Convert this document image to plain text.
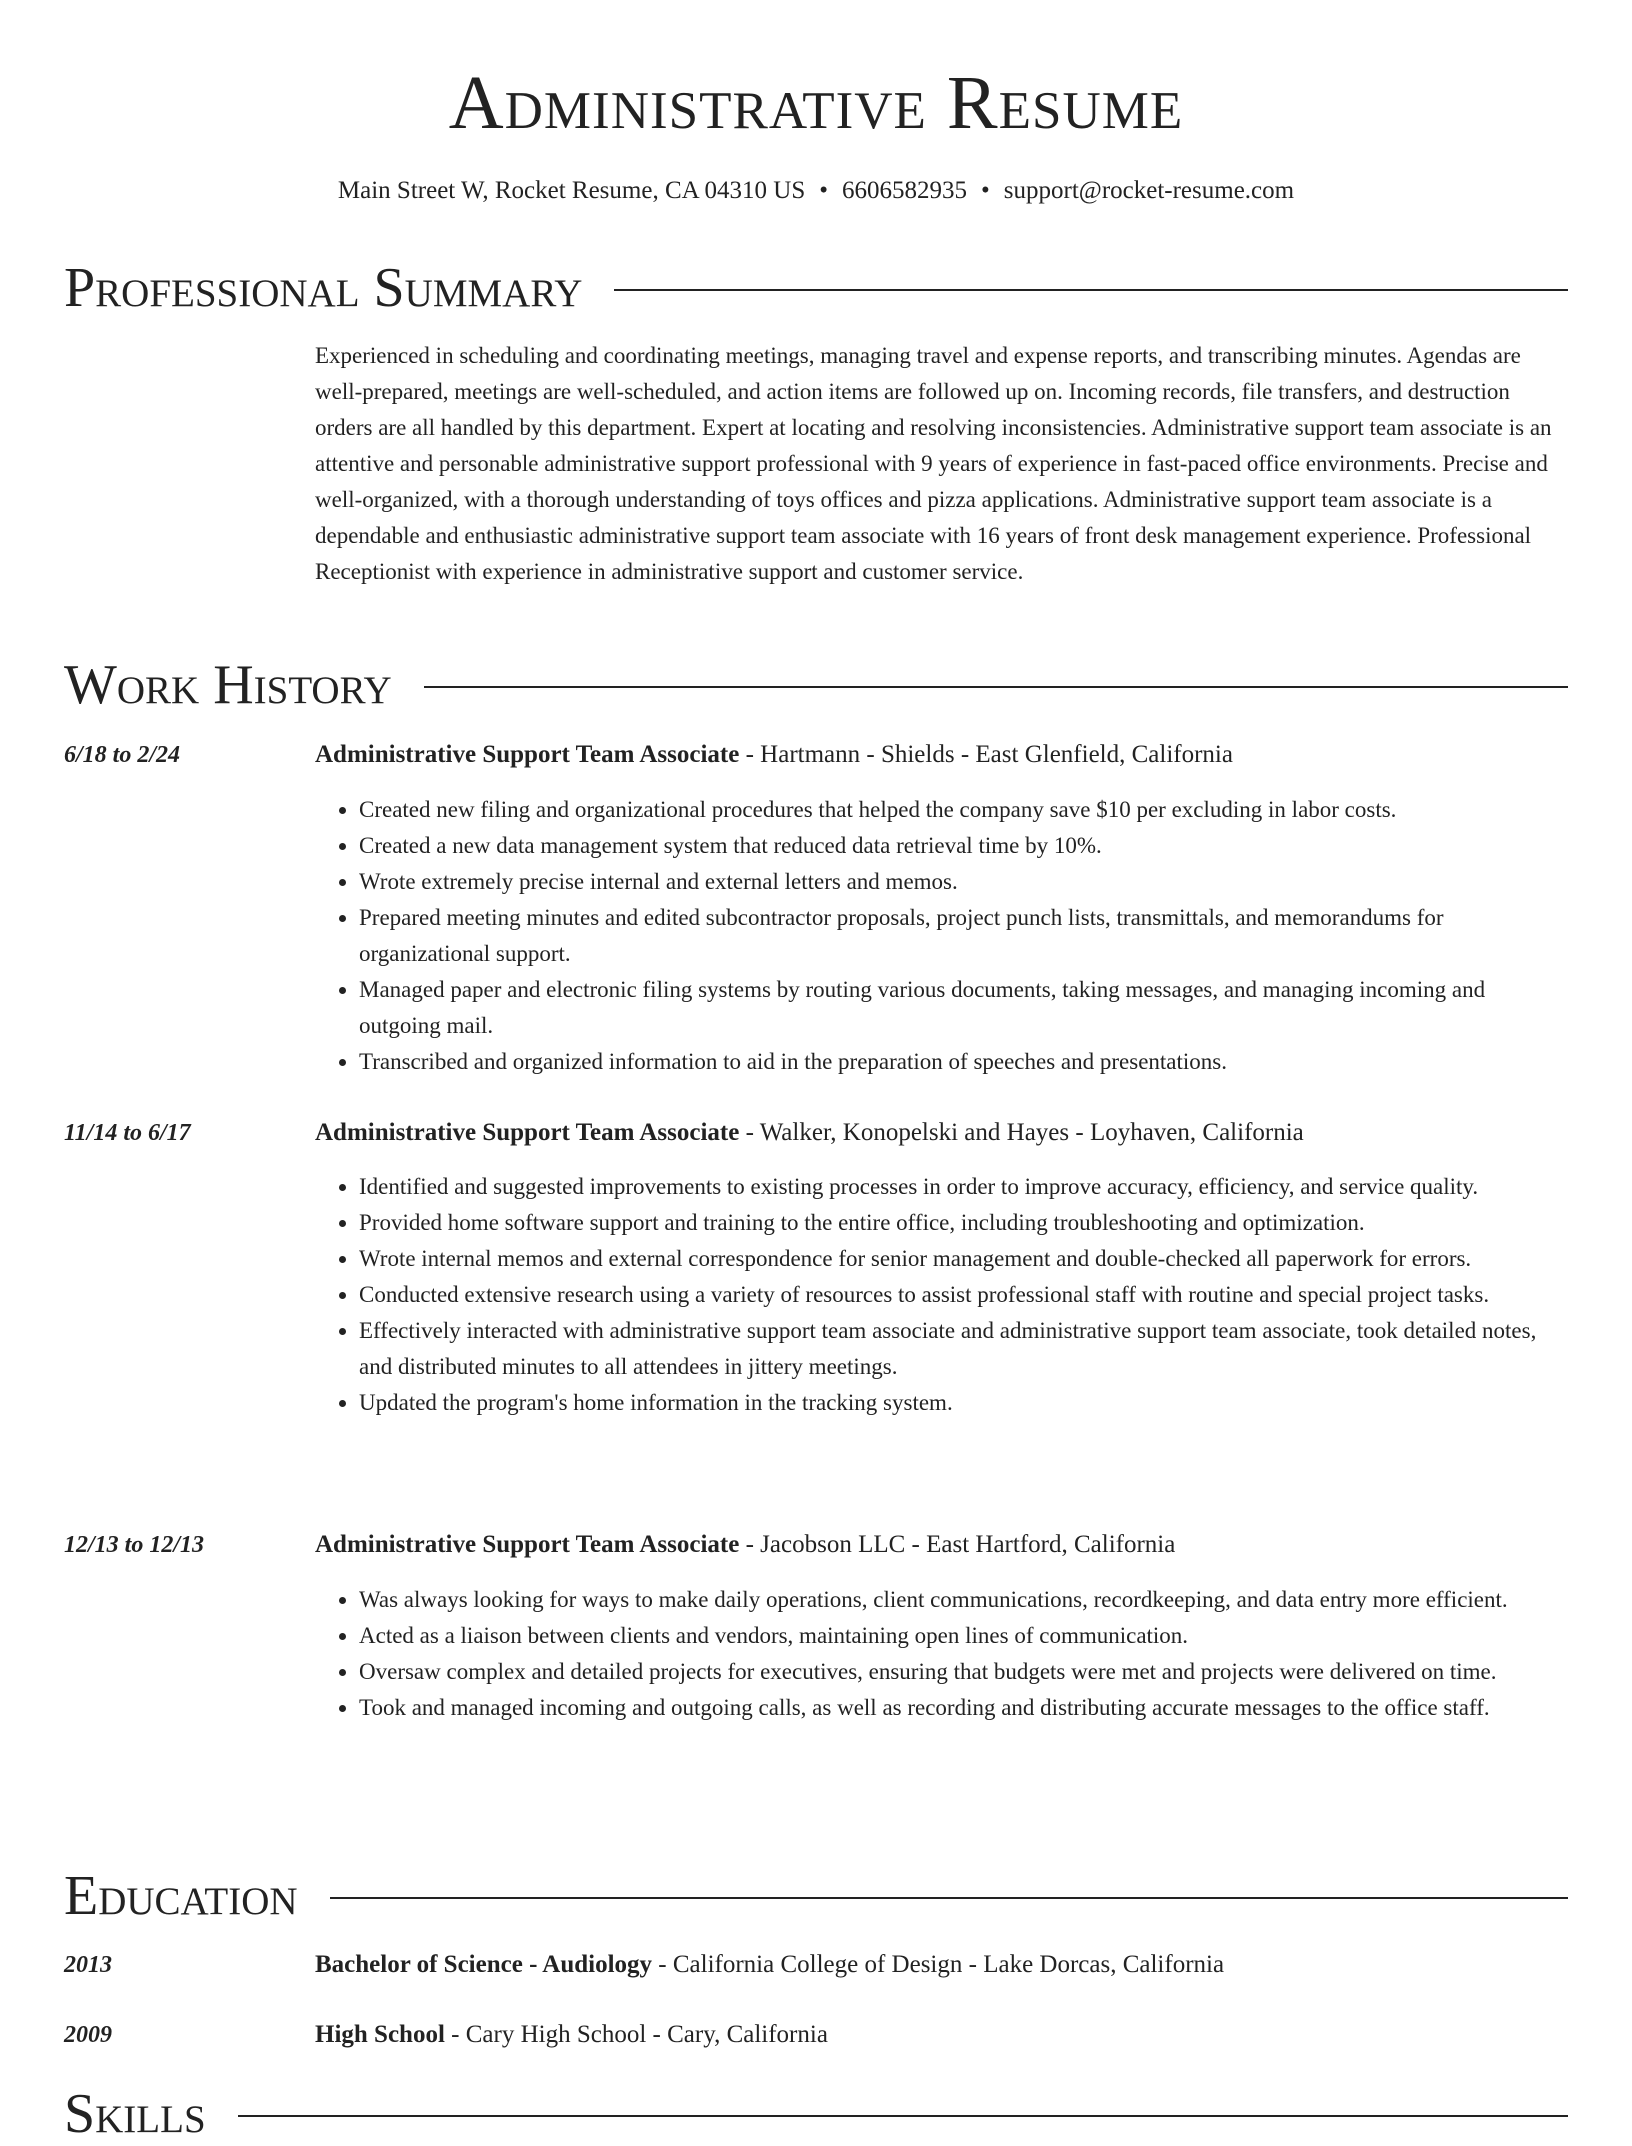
Administrative Resume
Main Street W, Rocket Resume, CA 04310 US • 6606582935 • support@rocket-resume.com
Professional Summary

Experienced in scheduling and coordinating meetings, managing travel and expense reports, and transcribing minutes. Agendas are well-prepared, meetings are well-scheduled, and action items are followed up on. Incoming records, file transfers, and destruction orders are all handled by this department. Expert at locating and resolving inconsistencies. Administrative support team associate is an attentive and personable administrative support professional with 9 years of experience in fast-paced office environments. Precise and well-organized, with a thorough understanding of toys offices and pizza applications. Administrative support team associate is a dependable and enthusiastic administrative support team associate with 16 years of front desk management experience. Professional Receptionist with experience in administrative support and customer service.

Work History
6/18 to 2/24	Administrative Support Team Associate - Hartmann - Shields - East Glenfield, California
• Created new filing and organizational procedures that helped the company save $10 per excluding in labor costs.
• Created a new data management system that reduced data retrieval time by 10%.
• Wrote extremely precise internal and external letters and memos.
• Prepared meeting minutes and edited subcontractor proposals, project punch lists, transmittals, and memorandums for organizational support.
• Managed paper and electronic filing systems by routing various documents, taking messages, and managing incoming and outgoing mail.
• Transcribed and organized information to aid in the preparation of speeches and presentations.
11/14 to 6/17	Administrative Support Team Associate - Walker, Konopelski and Hayes - Loyhaven, California
• Identified and suggested improvements to existing processes in order to improve accuracy, efficiency, and service quality.
• Provided home software support and training to the entire office, including troubleshooting and optimization.
• Wrote internal memos and external correspondence for senior management and double-checked all paperwork for errors.
• Conducted extensive research using a variety of resources to assist professional staff with routine and special project tasks.
• Effectively interacted with administrative support team associate and administrative support team associate, took detailed notes, and distributed minutes to all attendees in jittery meetings.
• Updated the program's home information in the tracking system.
12/13 to 12/13	Administrative Support Team Associate - Jacobson LLC - East Hartford, California
• Was always looking for ways to make daily operations, client communications, recordkeeping, and data entry more efficient.
• Acted as a liaison between clients and vendors, maintaining open lines of communication.
• Oversaw complex and detailed projects for executives, ensuring that budgets were met and projects were delivered on time.
• Took and managed incoming and outgoing calls, as well as recording and distributing accurate messages to the office staff.
Education
2013	Bachelor of Science - Audiology - California College of Design - Lake Dorcas, California
2009	High School - Cary High School - Cary, California
Skills
